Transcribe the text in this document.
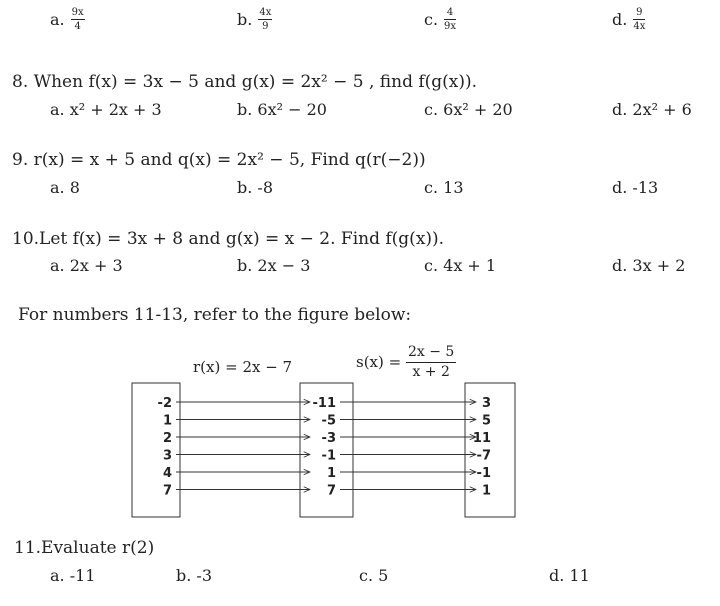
a. $\frac{9x}{4}$	b. $\frac{4x}{9}$	c. $\frac{4}{9x}$	d. $\frac{9}{4x}$
8. When f(x) = 3x − 5 and g(x) = 2x² − 5 , find f(g(x)).
a. x² + 2x + 3	b. 6x² − 20	c. 6x² + 20	d. 2x² + 6
9. r(x) = x + 5 and q(x) = 2x² − 5, Find q(r(−2))
a. 8	b. -8	c. 13	d. -13
10.Let f(x) = 3x + 8 and g(x) = x − 2. Find f(g(x)).
a. 2x + 3	b. 2x − 3	c. 4x + 1	d. 3x + 2
For numbers 11-13, refer to the figure below:
r(x) = 2x − 7	$s(x) = \frac{2x - 5}{x + 2}$
-2
1
2
3
4
7
-11
-5
-3
-1
1
7
3
5
11
-7
-1
1
11.Evaluate r(2)
a. -11	b. -3	c. 5	d. 11
